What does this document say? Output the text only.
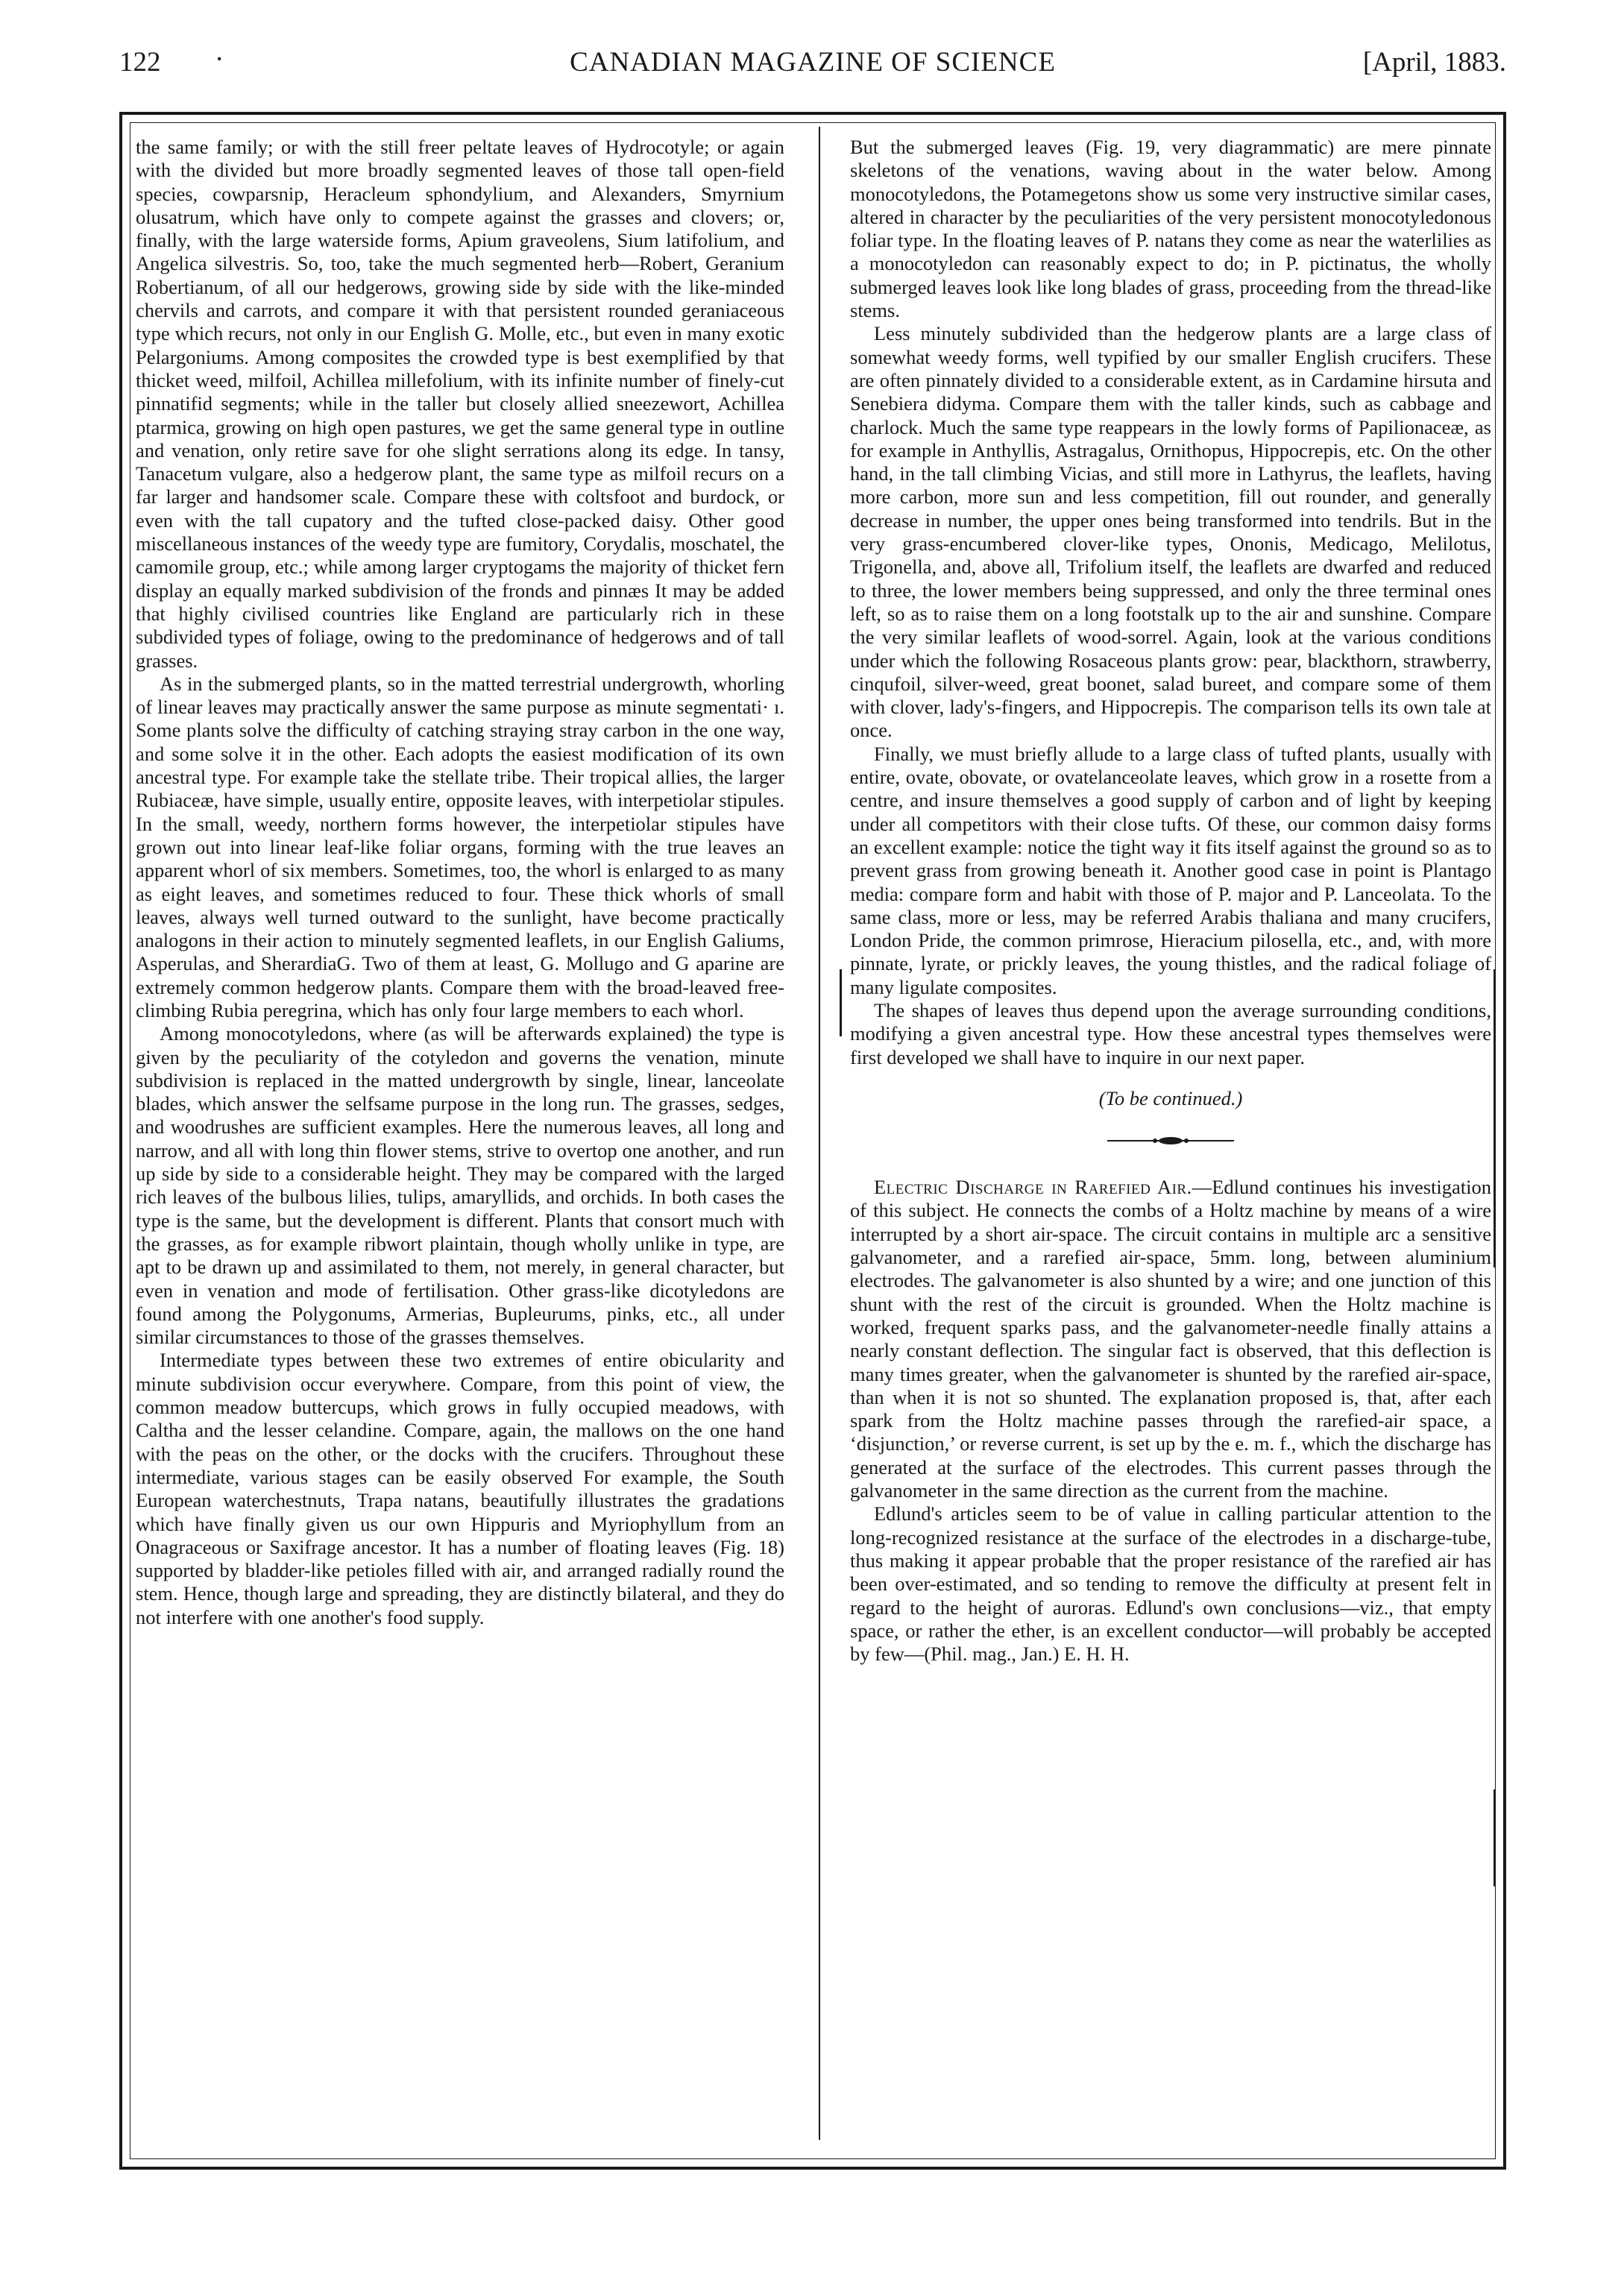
122 ·	CANADIAN MAGAZINE OF SCIENCE	[April, 1883.

the same family; or with the still freer peltate leaves of Hydrocotyle; or again with the divided but more broadly segmented leaves of those tall open-field species, cowparsnip, Heracleum sphondylium, and Alexanders, Smyrnium olusatrum, which have only to compete against the grasses and clovers; or, finally, with the large waterside forms, Apium graveolens, Sium latifolium, and Angelica silvestris. So, too, take the much segmented herb—Robert, Geranium Robertianum, of all our hedgerows, growing side by side with the like-minded chervils and carrots, and compare it with that persistent rounded geraniaceous type which recurs, not only in our English G. Molle, etc., but even in many exotic Pelargoniums. Among composites the crowded type is best exemplified by that thicket weed, milfoil, Achillea millefolium, with its infinite number of finely-cut pinnatifid segments; while in the taller but closely allied sneezewort, Achillea ptarmica, growing on high open pastures, we get the same general type in outline and venation, only retire save for ohe slight serrations along its edge. In tansy, Tanacetum vulgare, also a hedgerow plant, the same type as milfoil recurs on a far larger and handsomer scale. Compare these with coltsfoot and burdock, or even with the tall cupatory and the tufted close-packed daisy. Other good miscellaneous instances of the weedy type are fumitory, Corydalis, moschatel, the camomile group, etc.; while among larger cryptogams the majority of thicket fern display an equally marked subdivision of the fronds and pinnæs It may be added that highly civilised countries like England are particularly rich in these subdivided types of foliage, owing to the predominance of hedgerows and of tall grasses.

As in the submerged plants, so in the matted terrestrial undergrowth, whorling of linear leaves may practically answer the same purpose as minute segmentati· ı. Some plants solve the difficulty of catching straying stray carbon in the one way, and some solve it in the other. Each adopts the easiest modification of its own ancestral type. For example take the stellate tribe. Their tropical allies, the larger Rubiaceæ, have simple, usually entire, opposite leaves, with interpetiolar stipules. In the small, weedy, northern forms however, the interpetiolar stipules have grown out into linear leaf-like foliar organs, forming with the true leaves an apparent whorl of six members. Sometimes, too, the whorl is enlarged to as many as eight leaves, and sometimes reduced to four. These thick whorls of small leaves, always well turned outward to the sunlight, have become practically analogons in their action to minutely segmented leaflets, in our English Galiums, Asperulas, and SherardiaG. Two of them at least, G. Mollugo and G aparine are extremely common hedgerow plants. Compare them with the broad-leaved free-climbing Rubia peregrina, which has only four large members to each whorl.

Among monocotyledons, where (as will be afterwards explained) the type is given by the peculiarity of the cotyledon and governs the venation, minute subdivision is replaced in the matted undergrowth by single, linear, lanceolate blades, which answer the selfsame purpose in the long run. The grasses, sedges, and woodrushes are sufficient examples. Here the numerous leaves, all long and narrow, and all with long thin flower stems, strive to overtop one another, and run up side by side to a considerable height. They may be compared with the larged rich leaves of the bulbous lilies, tulips, amaryllids, and orchids. In both cases the type is the same, but the development is different. Plants that consort much with the grasses, as for example ribwort plaintain, though wholly unlike in type, are apt to be drawn up and assimilated to them, not merely, in general character, but even in venation and mode of fertilisation. Other grass-like dicotyledons are found among the Polygonums, Armerias, Bupleurums, pinks, etc., all under similar circumstances to those of the grasses themselves.

Intermediate types between these two extremes of entire obicularity and minute subdivision occur everywhere. Compare, from this point of view, the common meadow buttercups, which grows in fully occupied meadows, with Caltha and the lesser celandine. Compare, again, the mallows on the one hand with the peas on the other, or the docks with the crucifers. Throughout these intermediate, various stages can be easily observed For example, the South European waterchestnuts, Trapa natans, beautifully illustrates the gradations which have finally given us our own Hippuris and Myriophyllum from an Onagraceous or Saxifrage ancestor. It has a number of floating leaves (Fig. 18) supported by bladder-like petioles filled with air, and arranged radially round the stem. Hence, though large and spreading, they are distinctly bilateral, and they do not interfere with one another's food supply.

But the submerged leaves (Fig. 19, very diagrammatic) are mere pinnate skeletons of the venations, waving about in the water below. Among monocotyledons, the Potamegetons show us some very instructive similar cases, altered in character by the peculiarities of the very persistent monocotyledonous foliar type. In the floating leaves of P. natans they come as near the waterlilies as a monocotyledon can reasonably expect to do; in P. pictinatus, the wholly submerged leaves look like long blades of grass, proceeding from the thread-like stems.

Less minutely subdivided than the hedgerow plants are a large class of somewhat weedy forms, well typified by our smaller English crucifers. These are often pinnately divided to a considerable extent, as in Cardamine hirsuta and Senebiera didyma. Compare them with the taller kinds, such as cabbage and charlock. Much the same type reappears in the lowly forms of Papilionaceæ, as for example in Anthyllis, Astragalus, Ornithopus, Hippocrepis, etc. On the other hand, in the tall climbing Vicias, and still more in Lathyrus, the leaflets, having more carbon, more sun and less competition, fill out rounder, and generally decrease in number, the upper ones being transformed into tendrils. But in the very grass-encumbered clover-like types, Ononis, Medicago, Melilotus, Trigonella, and, above all, Trifolium itself, the leaflets are dwarfed and reduced to three, the lower members being suppressed, and only the three terminal ones left, so as to raise them on a long footstalk up to the air and sunshine. Compare the very similar leaflets of wood-sorrel. Again, look at the various conditions under which the following Rosaceous plants grow: pear, blackthorn, strawberry, cinqufoil, silver-weed, great boonet, salad bureet, and compare some of them with clover, lady's-fingers, and Hippocrepis. The comparison tells its own tale at once.

Finally, we must briefly allude to a large class of tufted plants, usually with entire, ovate, obovate, or ovatelanceolate leaves, which grow in a rosette from a centre, and insure themselves a good supply of carbon and of light by keeping under all competitors with their close tufts. Of these, our common daisy forms an excellent example: notice the tight way it fits itself against the ground so as to prevent grass from growing beneath it. Another good case in point is Plantago media: compare form and habit with those of P. major and P. Lanceolata. To the same class, more or less, may be referred Arabis thaliana and many crucifers, London Pride, the common primrose, Hieracium pilosella, etc., and, with more pinnate, lyrate, or prickly leaves, the young thistles, and the radical foliage of many ligulate composites.

The shapes of leaves thus depend upon the average surrounding conditions, modifying a given ancestral type. How these ancestral types themselves were first developed we shall have to inquire in our next paper.

(To be continued.)

Electric Discharge in Rarefied Air.—Edlund continues his investigation of this subject. He connects the combs of a Holtz machine by means of a wire interrupted by a short air-space. The circuit contains in multiple arc a sensitive galvanometer, and a rarefied air-space, 5mm. long, between aluminium electrodes. The galvanometer is also shunted by a wire; and one junction of this shunt with the rest of the circuit is grounded. When the Holtz machine is worked, frequent sparks pass, and the galvanometer-needle finally attains a nearly constant deflection. The singular fact is observed, that this deflection is many times greater, when the galvanometer is shunted by the rarefied air-space, than when it is not so shunted. The explanation proposed is, that, after each spark from the Holtz machine passes through the rarefied-air space, a ‘disjunction,’ or reverse current, is set up by the e. m. f., which the discharge has generated at the surface of the electrodes. This current passes through the galvanometer in the same direction as the current from the machine.

Edlund's articles seem to be of value in calling particular attention to the long-recognized resistance at the surface of the electrodes in a discharge-tube, thus making it appear probable that the proper resistance of the rarefied air has been over-estimated, and so tending to remove the difficulty at present felt in regard to the height of auroras. Edlund's own conclusions—viz., that empty space, or rather the ether, is an excellent conductor—will probably be accepted by few—(Phil. mag., Jan.) E. H. H.
